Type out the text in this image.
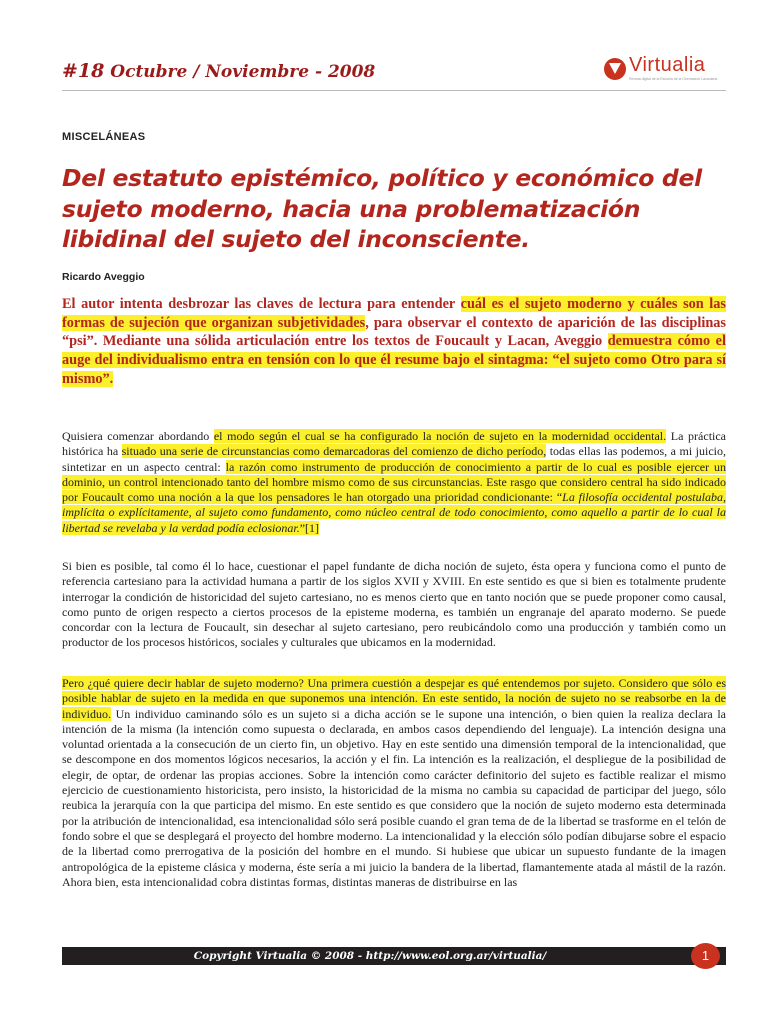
#18 Octubre / Noviembre - 2008	Virtualia
Revista digital de la Escuela de la Orientación Lacaniana
MISCELÁNEAS
Del estatuto epistémico, político y económico del sujeto moderno, hacia una problematización libidinal del sujeto del inconsciente.
Ricardo Aveggio

El autor intenta desbrozar las claves de lectura para entender cuál es el sujeto moderno y cuáles son las formas de sujeción que organizan subjetividades, para observar el contexto de aparición de las disciplinas “psi”. Mediante una sólida articulación entre los textos de Foucault y Lacan, Aveggio demuestra cómo el auge del individualismo entra en tensión con lo que él resume bajo el sintagma: “el sujeto como Otro para sí mismo”.

Quisiera comenzar abordando el modo según el cual se ha configurado la noción de sujeto en la modernidad occidental. La práctica histórica ha situado una serie de circunstancias como demarcadoras del comienzo de dicho período, todas ellas las podemos, a mi juicio, sintetizar en un aspecto central: la razón como instrumento de producción de conocimiento a partir de lo cual es posible ejercer un dominio, un control intencionado tanto del hombre mismo como de sus circunstancias. Este rasgo que considero central ha sido indicado por Foucault como una noción a la que los pensadores le han otorgado una prioridad condicionante: “La filosofía occidental postulaba, implícita o explícitamente, al sujeto como fundamento, como núcleo central de todo conocimiento, como aquello a partir de lo cual la libertad se revelaba y la verdad podía eclosionar.”[1]

Si bien es posible, tal como él lo hace, cuestionar el papel fundante de dicha noción de sujeto, ésta opera y funciona como el punto de referencia cartesiano para la actividad humana a partir de los siglos XVII y XVIII. En este sentido es que si bien es totalmente prudente interrogar la condición de historicidad del sujeto cartesiano, no es menos cierto que en tanto noción que se puede proponer como causal, como punto de origen respecto a ciertos procesos de la episteme moderna, es también un engranaje del aparato moderno. Se puede concordar con la lectura de Foucault, sin desechar al sujeto cartesiano, pero reubicándolo como una producción y también como un productor de los procesos históricos, sociales y culturales que ubicamos en la modernidad.

Pero ¿qué quiere decir hablar de sujeto moderno? Una primera cuestión a despejar es qué entendemos por sujeto. Considero que sólo es posible hablar de sujeto en la medida en que suponemos una intención. En este sentido, la noción de sujeto no se reabsorbe en la de individuo. Un individuo caminando sólo es un sujeto si a dicha acción se le supone una intención, o bien quien la realiza declara la intención de la misma (la intención como supuesta o declarada, en ambos casos dependiendo del lenguaje). La intención designa una voluntad orientada a la consecución de un cierto fin, un objetivo. Hay en este sentido una dimensión temporal de la intencionalidad, que se descompone en dos momentos lógicos necesarios, la acción y el fin. La intención es la realización, el despliegue de la posibilidad de elegir, de optar, de ordenar las propias acciones. Sobre la intención como carácter definitorio del sujeto es factible realizar el mismo ejercicio de cuestionamiento historicista, pero insisto, la historicidad de la misma no cambia su capacidad de participar del juego, sólo reubica la jerarquía con la que participa del mismo. En este sentido es que considero que la noción de sujeto moderno esta determinada por la atribución de intencionalidad, esa intencionalidad sólo será posible cuando el gran tema de de la libertad se trasforme en el telón de fondo sobre el que se desplegará el proyecto del hombre moderno. La intencionalidad y la elección sólo podían dibujarse sobre el espacio de la libertad como prerrogativa de la posición del hombre en el mundo. Si hubiese que ubicar un supuesto fundante de la imagen antropológica de la episteme clásica y moderna, éste sería a mi juicio la bandera de la libertad, flamantemente atada al mástil de la razón. Ahora bien, esta intencionalidad cobra distintas formas, distintas maneras de distribuirse en las

Copyright Virtualia © 2008 - http://www.eol.org.ar/virtualia/	1
